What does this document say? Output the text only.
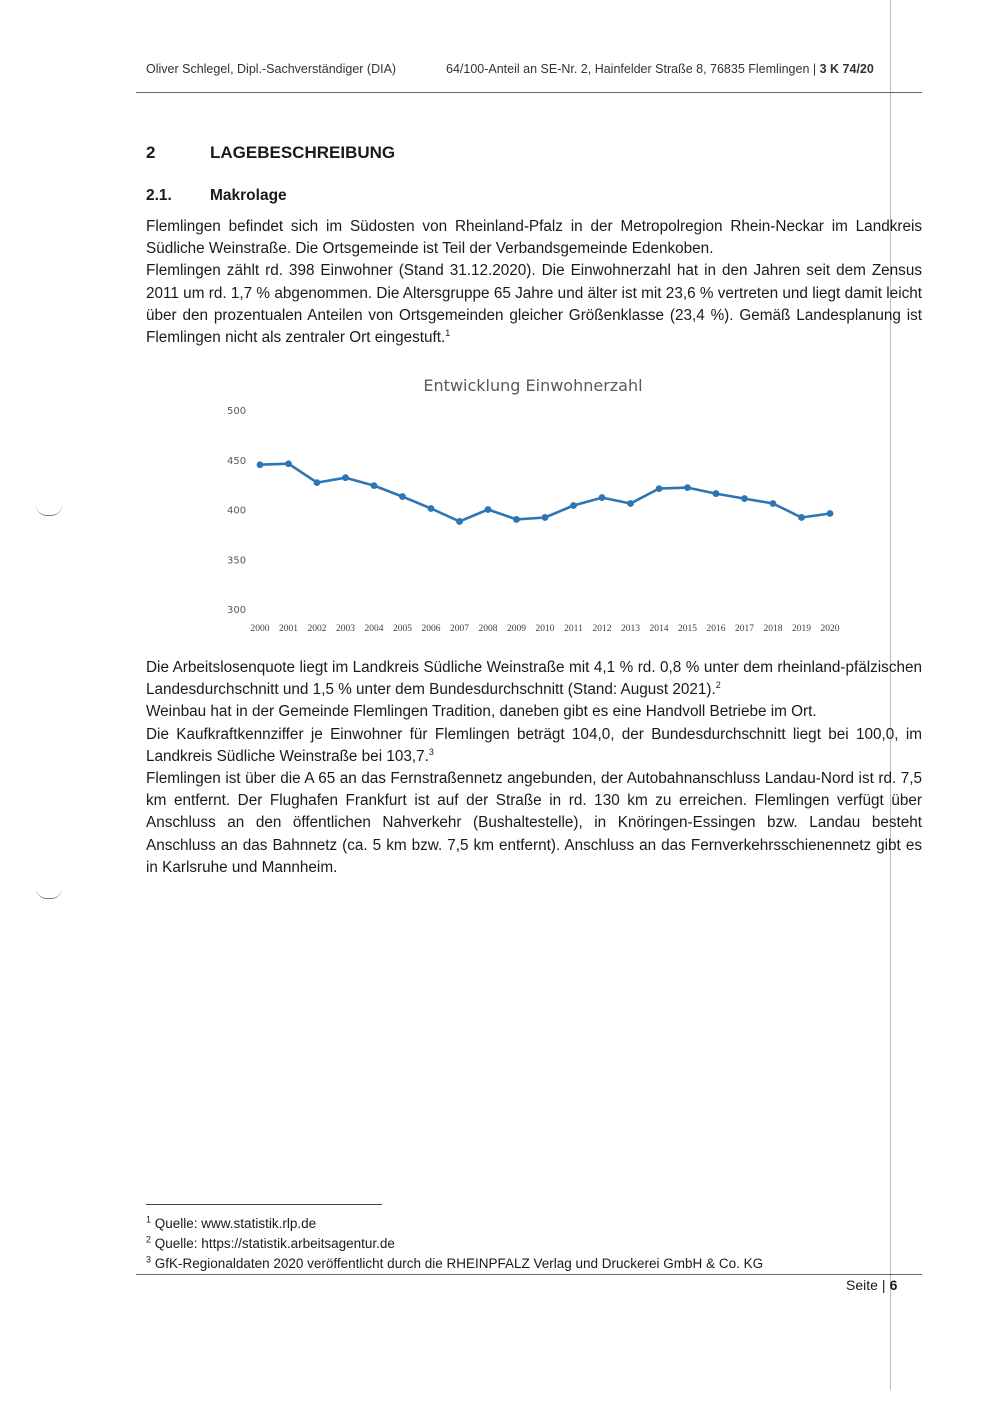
Oliver Schlegel, Dipl.-Sachverständiger (DIA)	64/100-Anteil an SE-Nr. 2, Hainfelder Straße 8, 76835 Flemlingen | 3 K 74/20
2	LAGEBESCHREIBUNG
2.1. Makrolage

Flemlingen befindet sich im Südosten von Rheinland-Pfalz in der Metropolregion Rhein-Neckar im Landkreis Südliche Weinstraße. Die Ortsgemeinde ist Teil der Verbandsgemeinde Edenkoben.

Flemlingen zählt rd. 398 Einwohner (Stand 31.12.2020). Die Einwohnerzahl hat in den Jahren seit dem Zensus 2011 um rd. 1,7 % abgenommen. Die Altersgruppe 65 Jahre und älter ist mit 23,6 % vertreten und liegt damit leicht über den prozentualen Anteilen von Ortsgemeinden gleicher Größenklasse (23,4 %). Gemäß Landesplanung ist Flemlingen nicht als zentraler Ort eingestuft.$^1$

Entwicklung Einwohnerzahl
300
350
400
450
500
2000 2001 2002 2003 2004 2005 2006 2007 2008 2009 2010 2011 2012 2013 2014 2015 2016 2017 2018 2019 2020

Die Arbeitslosenquote liegt im Landkreis Südliche Weinstraße mit 4,1 % rd. 0,8 % unter dem rheinland-pfälzischen Landesdurchschnitt und 1,5 % unter dem Bundesdurchschnitt (Stand: August 2021).$^2$

Weinbau hat in der Gemeinde Flemlingen Tradition, daneben gibt es eine Handvoll Betriebe im Ort.

Die Kaufkraftkennziffer je Einwohner für Flemlingen beträgt 104,0, der Bundesdurchschnitt liegt bei 100,0, im Landkreis Südliche Weinstraße bei 103,7.$^3$

Flemlingen ist über die A 65 an das Fernstraßennetz angebunden, der Autobahnanschluss Landau-Nord ist rd. 7,5 km entfernt. Der Flughafen Frankfurt ist auf der Straße in rd. 130 km zu erreichen. Flemlingen verfügt über Anschluss an den öffentlichen Nahverkehr (Bushaltestelle), in Knöringen-Essingen bzw. Landau besteht Anschluss an das Bahnnetz (ca. 5 km bzw. 7,5 km entfernt). Anschluss an das Fernverkehrsschienennetz gibt es in Karlsruhe und Mannheim.

$^1$ Quelle: www.statistik.rlp.de
$^2$ Quelle: https://statistik.arbeitsagentur.de
$^3$ GfK-Regionaldaten 2020 veröffentlicht durch die RHEINPFALZ Verlag und Druckerei GmbH & Co. KG
Seite | 6
